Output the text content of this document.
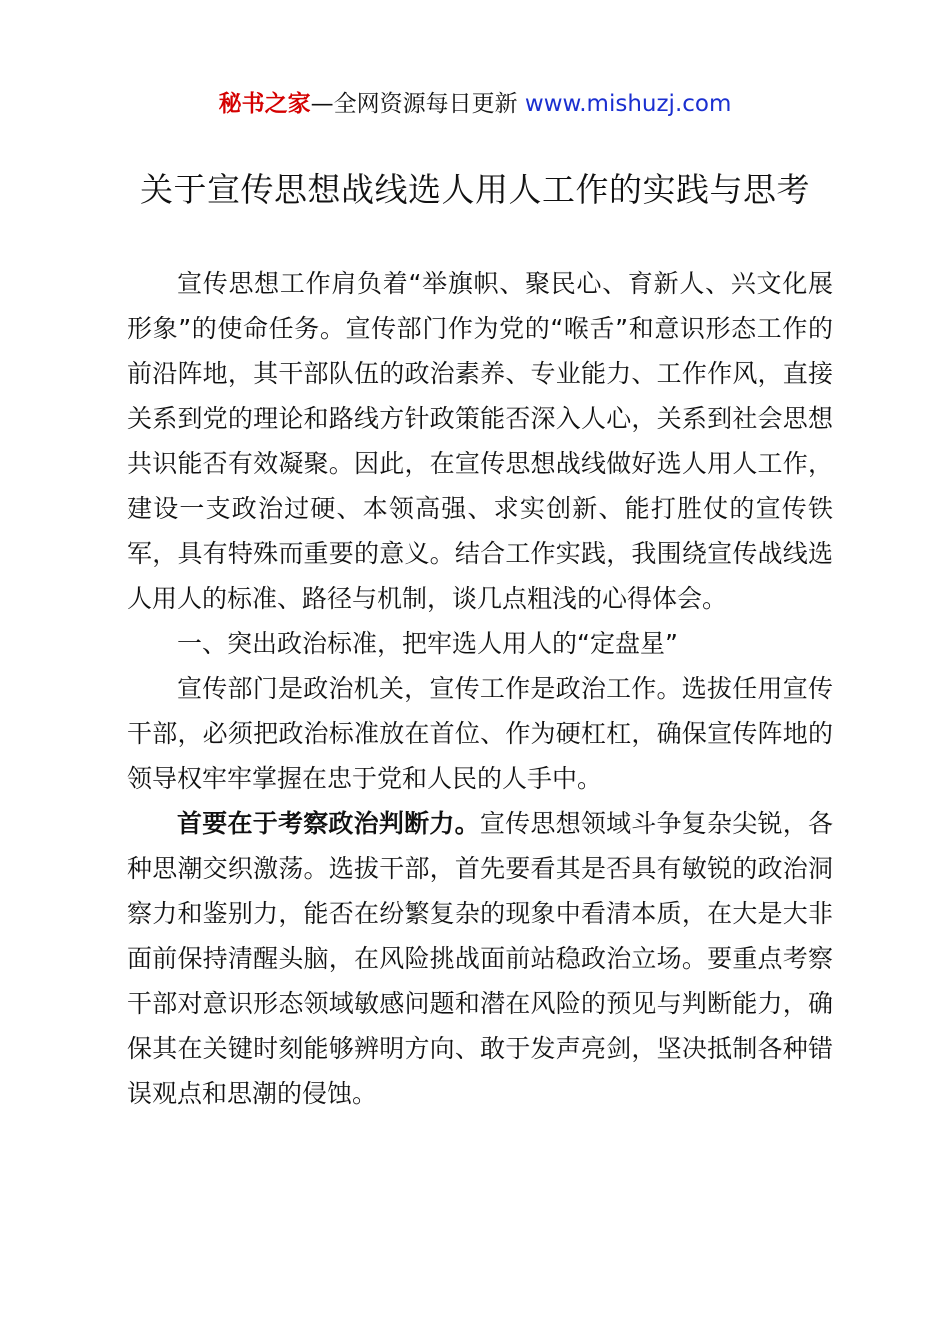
秘书之家—全网资源每日更新 www.mishuzj.com
关于宣传思想战线选人用人工作的实践与思考

宣传思想工作肩负着“举旗帜、聚民心、育新人、兴文化展形象”的使命任务。宣传部门作为党的“喉舌”和意识形态工作的前沿阵地，其干部队伍的政治素养、专业能力、工作作风，直接关系到党的理论和路线方针政策能否深入人心，关系到社会思想共识能否有效凝聚。因此，在宣传思想战线做好选人用人工作，建设一支政治过硬、本领高强、求实创新、能打胜仗的宣传铁军，具有特殊而重要的意义。结合工作实践，我围绕宣传战线选人用人的标准、路径与机制，谈几点粗浅的心得体会。

一、突出政治标准，把牢选人用人的“定盘星”

宣传部门是政治机关，宣传工作是政治工作。选拔任用宣传干部，必须把政治标准放在首位、作为硬杠杠，确保宣传阵地的领导权牢牢掌握在忠于党和人民的人手中。

首要在于考察政治判断力。宣传思想领域斗争复杂尖锐，各种思潮交织激荡。选拔干部，首先要看其是否具有敏锐的政治洞察力和鉴别力，能否在纷繁复杂的现象中看清本质，在大是大非面前保持清醒头脑，在风险挑战面前站稳政治立场。要重点考察干部对意识形态领域敏感问题和潜在风险的预见与判断能力，确保其在关键时刻能够辨明方向、敢于发声亮剑，坚决抵制各种错误观点和思潮的侵蚀。
